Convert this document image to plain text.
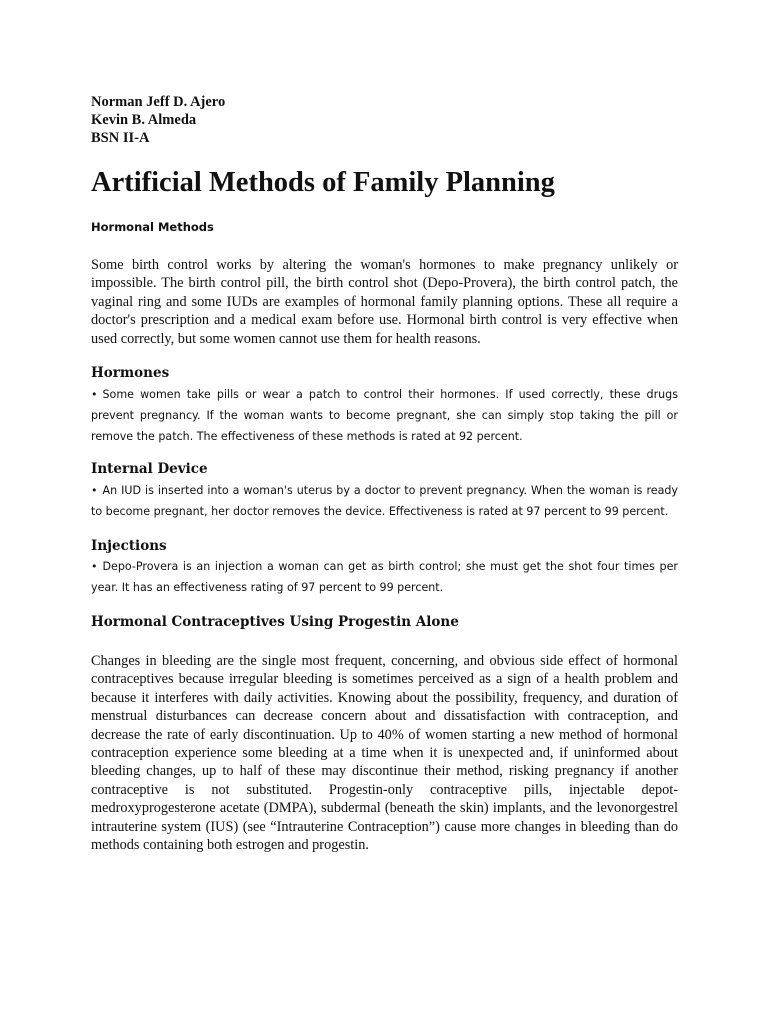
Norman Jeff D. Ajero
Kevin B. Almeda
BSN II-A
Artificial Methods of Family Planning
Hormonal Methods

Some birth control works by altering the woman's hormones to make pregnancy unlikely or impossible. The birth control pill, the birth control shot (Depo-Provera), the birth control patch, the vaginal ring and some IUDs are examples of hormonal family planning options. These all require a doctor's prescription and a medical exam before use. Hormonal birth control is very effective when used correctly, but some women cannot use them for health reasons.

Hormones

• Some women take pills or wear a patch to control their hormones. If used correctly, these drugs prevent pregnancy. If the woman wants to become pregnant, she can simply stop taking the pill or remove the patch. The effectiveness of these methods is rated at 92 percent.

Internal Device

• An IUD is inserted into a woman's uterus by a doctor to prevent pregnancy. When the woman is ready to become pregnant, her doctor removes the device. Effectiveness is rated at 97 percent to 99 percent.

Injections

• Depo-Provera is an injection a woman can get as birth control; she must get the shot four times per year. It has an effectiveness rating of 97 percent to 99 percent.

Hormonal Contraceptives Using Progestin Alone

Changes in bleeding are the single most frequent, concerning, and obvious side effect of hormonal contraceptives because irregular bleeding is sometimes perceived as a sign of a health problem and because it interferes with daily activities. Knowing about the possibility, frequency, and duration of menstrual disturbances can decrease concern about and dissatisfaction with contraception, and decrease the rate of early discontinuation. Up to 40% of women starting a new method of hormonal contraception experience some bleeding at a time when it is unexpected and, if uninformed about bleeding changes, up to half of these may discontinue their method, risking pregnancy if another contraceptive is not substituted. Progestin-only contraceptive pills, injectable depot-medroxyprogesterone acetate (DMPA), subdermal (beneath the skin) implants, and the levonorgestrel intrauterine system (IUS) (see “Intrauterine Contraception”) cause more changes in bleeding than do methods containing both estrogen and progestin.
